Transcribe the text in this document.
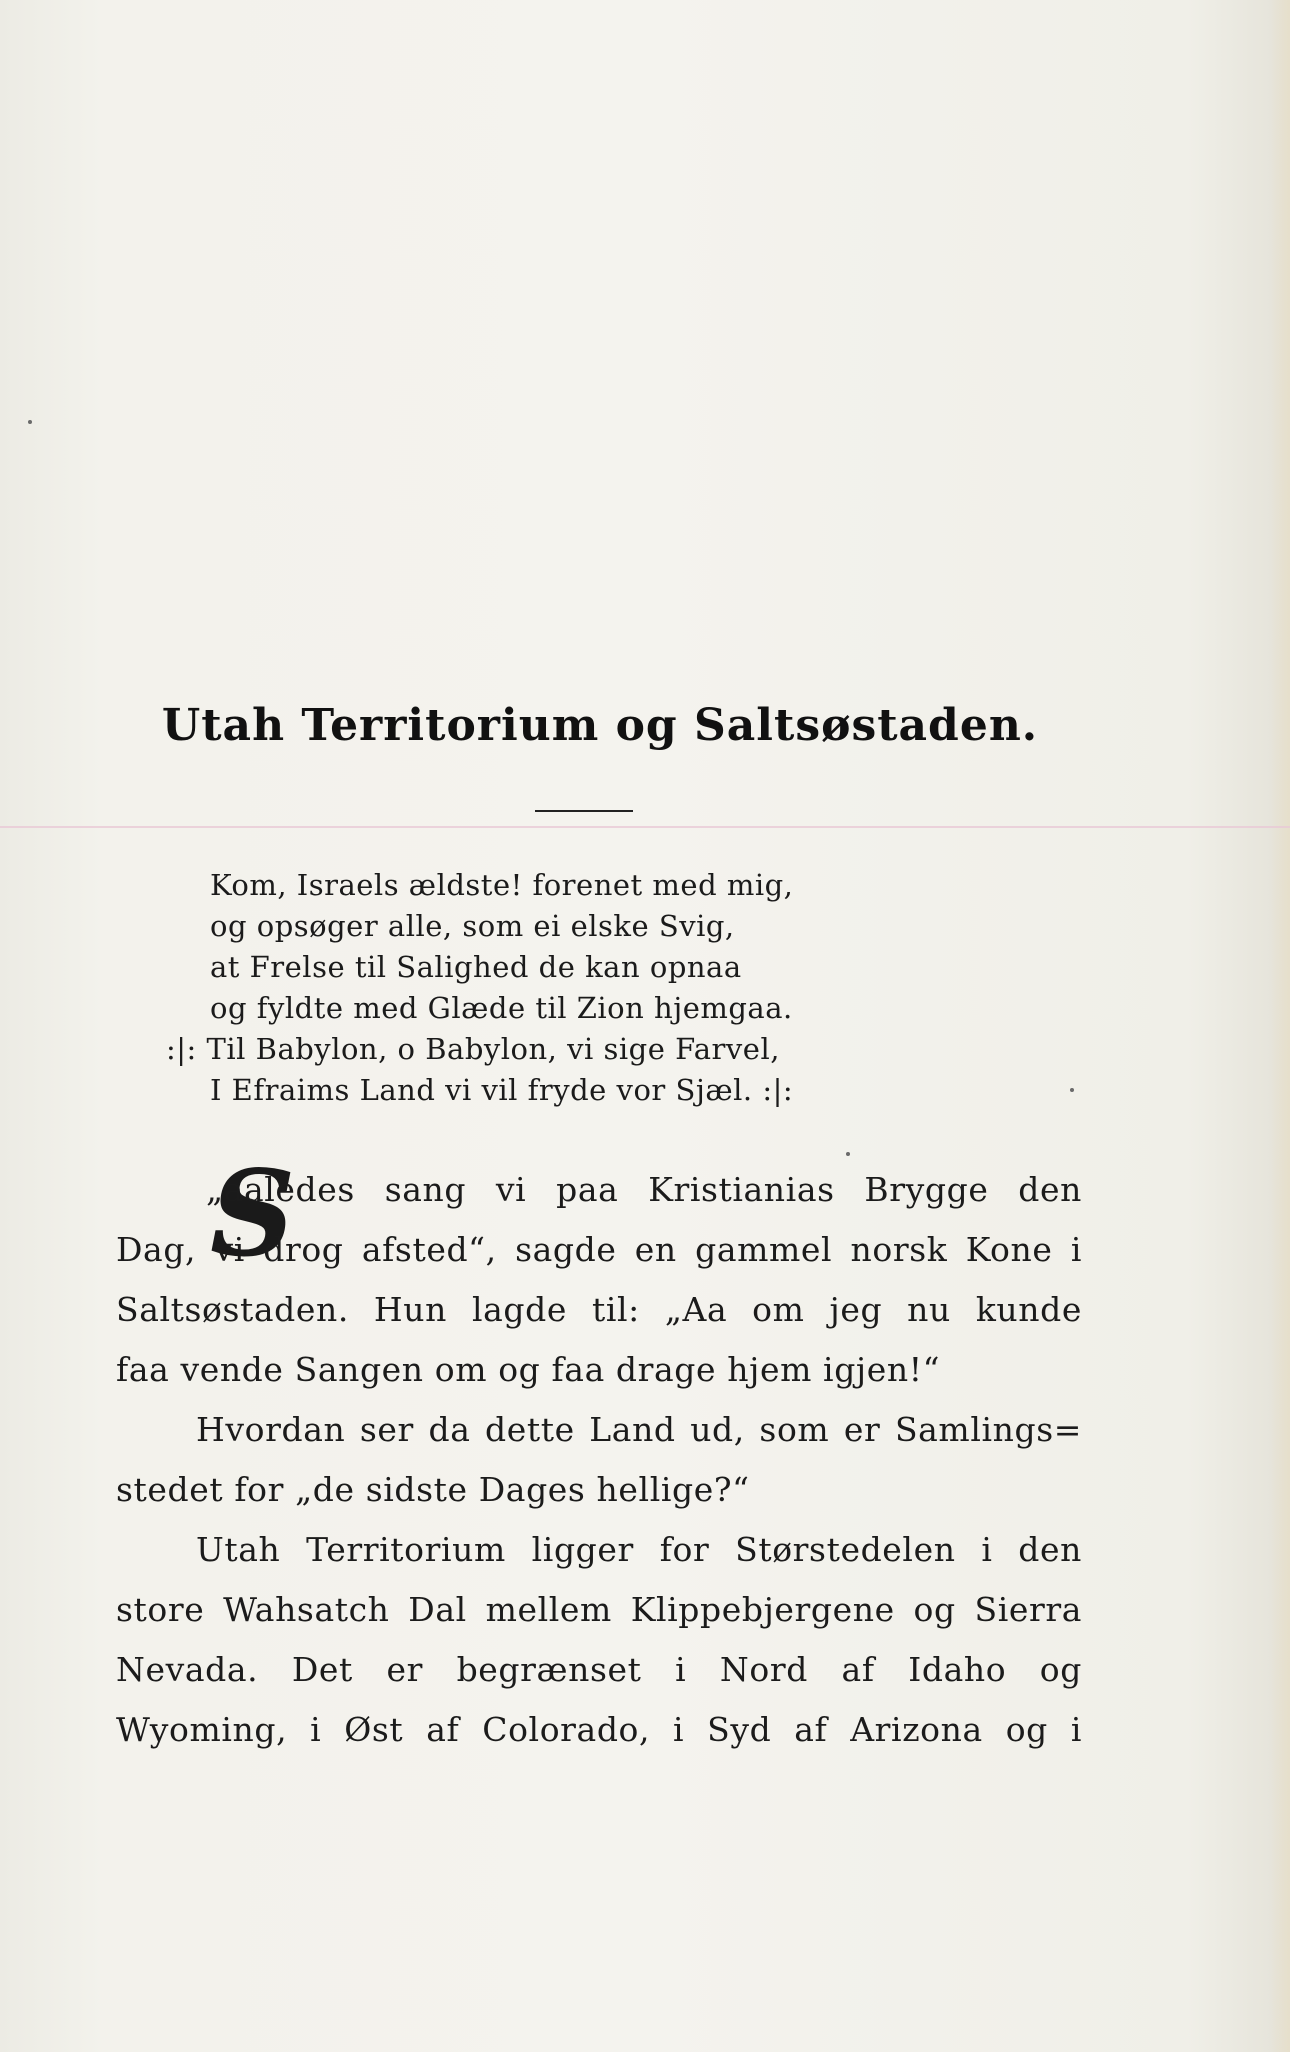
Utah Territorium og Saltsøstaden.
Kom, Israels ældste! forenet med mig,
og opsøger alle, som ei elske Svig,
at Frelse til Salighed de kan opnaa
og fyldte med Glæde til Zion hjemgaa.
:|: Til Babylon, o Babylon, vi sige Farvel,
I Efraims Land vi vil fryde vor Sjæl. :|:
S
„aaledes sang vi paa Kristianias Brygge den
Dag, vi drog afsted“, sagde en gammel norsk Kone i
Saltsøstaden. Hun lagde til: „Aa om jeg nu kunde
faa vende Sangen om og faa drage hjem igjen!“
Hvordan ser da dette Land ud, som er Samlings=
stedet for „de sidste Dages hellige?“
Utah Territorium ligger for Størstedelen i den
store Wahsatch Dal mellem Klippebjergene og Sierra
Nevada. Det er begrænset i Nord af Idaho og
Wyoming, i Øst af Colorado, i Syd af Arizona og i
